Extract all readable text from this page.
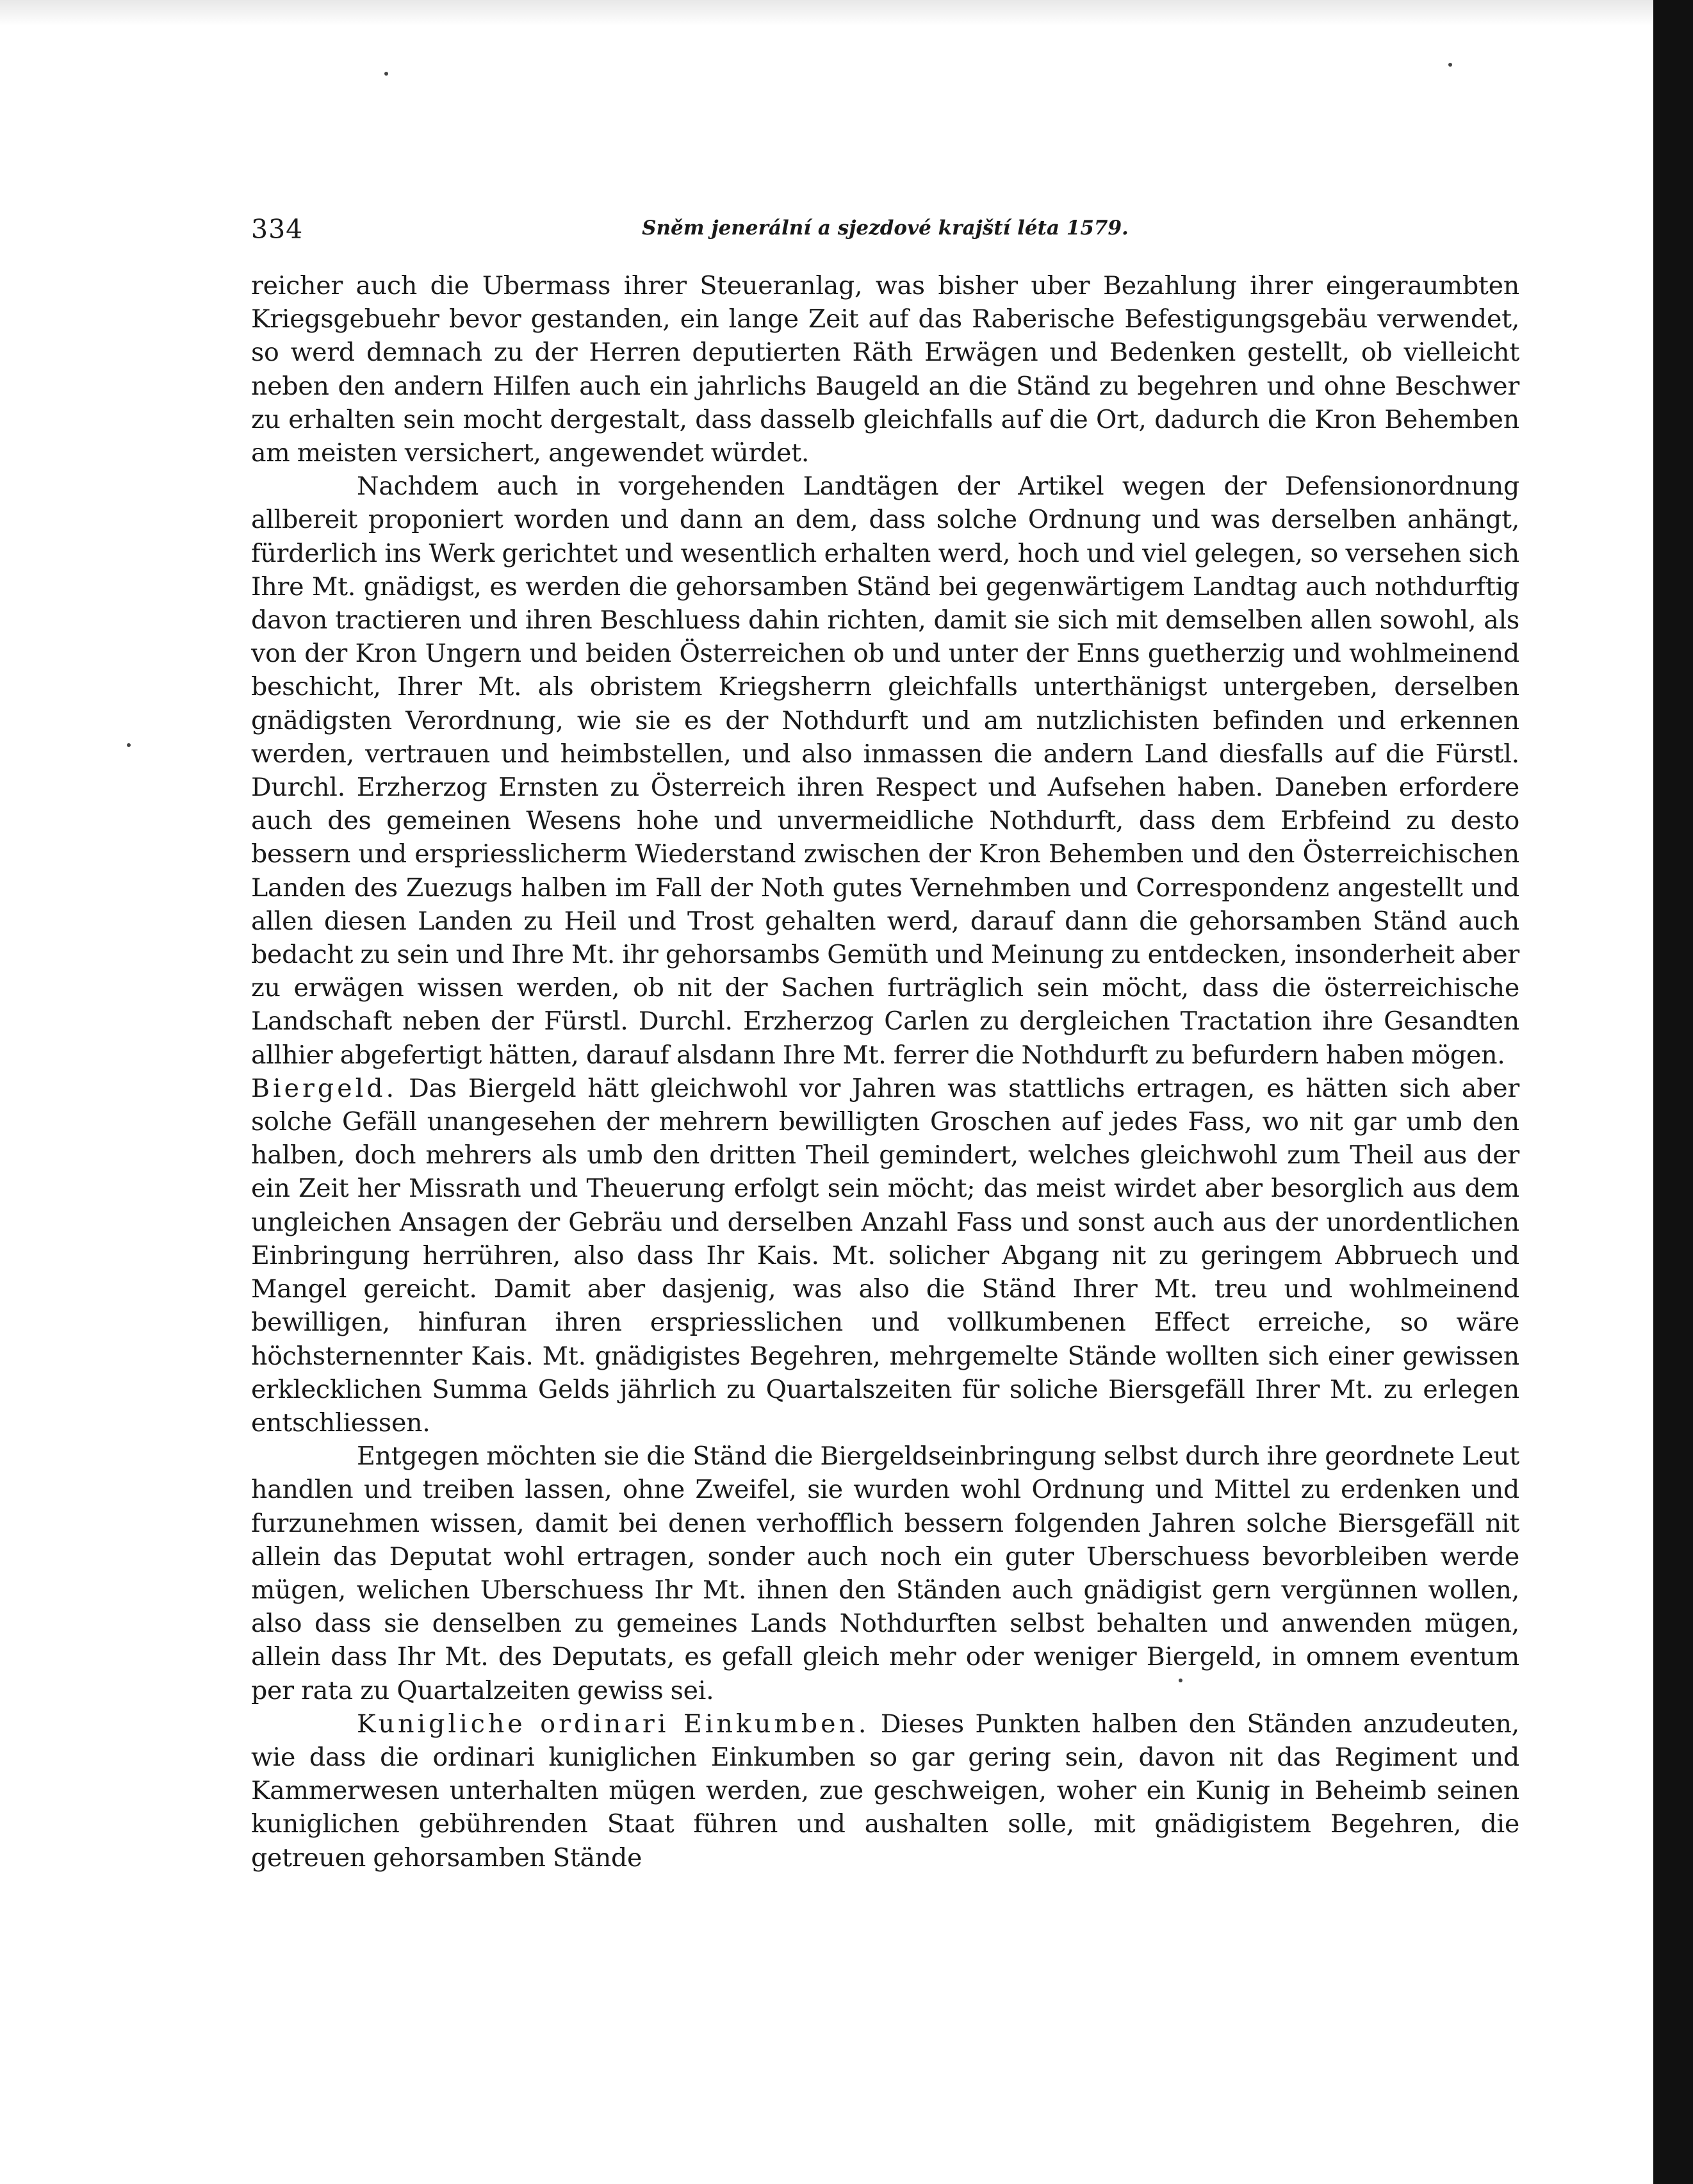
334	Sněm jenerální a sjezdové krajští léta 1579.

reicher auch die Ubermass ihrer Steueranlag, was bisher uber Bezahlung ihrer eingeraumbten Kriegsgebuehr bevor gestanden, ein lange Zeit auf das Raberische Befestigungsgebäu verwendet, so werd demnach zu der Herren deputierten Räth Erwägen und Bedenken gestellt, ob vielleicht neben den andern Hilfen auch ein jahrlichs Baugeld an die Ständ zu begehren und ohne Beschwer zu erhalten sein mocht dergestalt, dass dasselb gleichfalls auf die Ort, dadurch die Kron Behemben am meisten versichert, angewendet würdet.

Nachdem auch in vorgehenden Landtägen der Artikel wegen der Defensionordnung allbereit proponiert worden und dann an dem, dass solche Ordnung und was derselben anhängt, fürderlich ins Werk gerichtet und wesentlich erhalten werd, hoch und viel gelegen, so versehen sich Ihre Mt. gnädigst, es werden die gehorsamben Ständ bei gegenwärtigem Landtag auch nothdurftig davon tractieren und ihren Beschluess dahin richten, damit sie sich mit demselben allen sowohl, als von der Kron Ungern und beiden Österreichen ob und unter der Enns guetherzig und wohlmeinend beschicht, Ihrer Mt. als obristem Kriegsherrn gleichfalls unterthänigst untergeben, derselben gnädigsten Verordnung, wie sie es der Nothdurft und am nutzlichisten befinden und erkennen werden, vertrauen und heimbstellen, und also inmassen die andern Land diesfalls auf die Fürstl. Durchl. Erzherzog Ernsten zu Österreich ihren Respect und Aufsehen haben. Daneben erfordere auch des gemeinen Wesens hohe und unvermeidliche Nothdurft, dass dem Erbfeind zu desto bessern und erspriesslicherm Wiederstand zwischen der Kron Behemben und den Österreichischen Landen des Zuezugs halben im Fall der Noth gutes Vernehmben und Correspondenz angestellt und allen diesen Landen zu Heil und Trost gehalten werd, darauf dann die gehorsamben Ständ auch bedacht zu sein und Ihre Mt. ihr gehorsambs Gemüth und Meinung zu entdecken, insonderheit aber zu erwägen wissen werden, ob nit der Sachen furträglich sein möcht, dass die österreichische Landschaft neben der Fürstl. Durchl. Erzherzog Carlen zu dergleichen Tractation ihre Gesandten allhier abgefertigt hätten, darauf alsdann Ihre Mt. ferrer die Nothdurft zu befurdern haben mögen.

Biergeld. Das Biergeld hätt gleichwohl vor Jahren was stattlichs ertragen, es hätten sich aber solche Gefäll unangesehen der mehrern bewilligten Groschen auf jedes Fass, wo nit gar umb den halben, doch mehrers als umb den dritten Theil gemindert, welches gleichwohl zum Theil aus der ein Zeit her Missrath und Theuerung erfolgt sein möcht; das meist wirdet aber besorglich aus dem ungleichen Ansagen der Gebräu und derselben Anzahl Fass und sonst auch aus der unordentlichen Einbringung herrühren, also dass Ihr Kais. Mt. solicher Abgang nit zu geringem Abbruech und Mangel gereicht. Damit aber dasjenig, was also die Ständ Ihrer Mt. treu und wohlmeinend bewilligen, hinfuran ihren erspriesslichen und vollkumbenen Effect erreiche, so wäre höchsternennter Kais. Mt. gnädigistes Begehren, mehrgemelte Stände wollten sich einer gewissen erklecklichen Summa Gelds jährlich zu Quartalszeiten für soliche Biersgefäll Ihrer Mt. zu erlegen entschliessen.

Entgegen möchten sie die Ständ die Biergeldseinbringung selbst durch ihre geordnete Leut handlen und treiben lassen, ohne Zweifel, sie wurden wohl Ordnung und Mittel zu erdenken und furzunehmen wissen, damit bei denen verhofflich bessern folgenden Jahren solche Biersgefäll nit allein das Deputat wohl ertragen, sonder auch noch ein guter Uberschuess bevorbleiben werde mügen, welichen Uberschuess Ihr Mt. ihnen den Ständen auch gnädigist gern vergünnen wollen, also dass sie denselben zu gemeines Lands Nothdurften selbst behalten und anwenden mügen, allein dass Ihr Mt. des Deputats, es gefall gleich mehr oder weniger Biergeld, in omnem eventum per rata zu Quartalzeiten gewiss sei.

Kunigliche ordinari Einkumben. Dieses Punkten halben den Ständen anzudeuten, wie dass die ordinari kuniglichen Einkumben so gar gering sein, davon nit das Regiment und Kammerwesen unterhalten mügen werden, zue geschweigen, woher ein Kunig in Beheimb seinen kuniglichen gebührenden Staat führen und aushalten solle, mit gnädigistem Begehren, die getreuen gehorsamben Stände
